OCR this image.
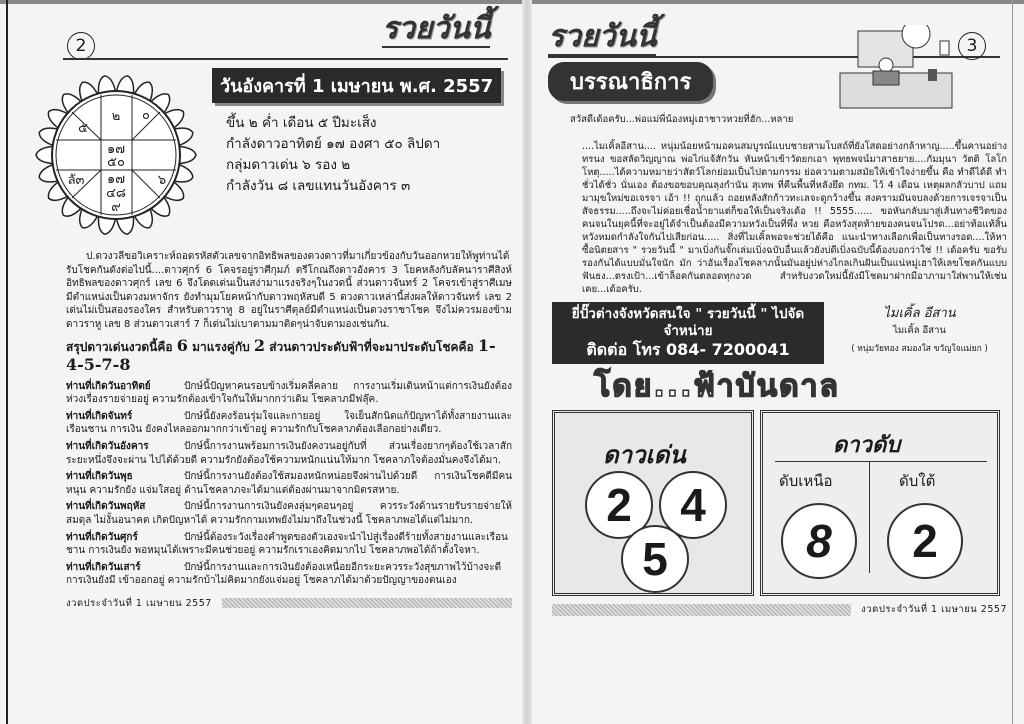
2	รวยวันนี้
๒ ๐
๕
๑๗
๕๐
ลั๓ ๑๗
๔๘
๙
๖
วันอังคารที่ 1 เมษายน พ.ศ. 2557
ขึ้น ๒ ค่ำ เดือน ๕ ปีมะเส็ง
กำลังดาวอาทิตย์ ๑๗ องศา ๕๐ ลิปดา
กลุ่มดาวเด่น ๖ รอง ๒
กำลังวัน ๘ เลขแทนวันอังคาร ๓
ป.ดวงวลีขอวิเคราะห์ถอดรหัสตัวเลขจากอิทธิพลของดวงดาวที่มาเกี่ยวข้องกับวันออกหวยให้พูท่านได้รับโชคกันดังต่อไปนี้....ดาวศุกร์ 6 โคจรอยู่ราศีกุมภ์ ตรีโกณถึงดาวอังคาร 3 โยคหลังกับลัคนาราศีสิงห์ อิทธิพลของดาวศุกร์ เลข 6 จึงโดดเด่นเป็นสง่ามาแรงจริงๆในงวดนี้ ส่วนดาวจันทร์ 2 โคจรเข้าสู่ราศีเมษ มีตำแหน่งเป็นดวงมหาจักร ยังทำมุมโยคหน้ากับดาวพฤหัสบดี 5 ดวงดาวเหล่านี้ส่งผลให้ดาวจันทร์ เลข 2 เด่นไม่เป็นสองรองใคร สำหรับดาวราหู 8 อยู่ในราศีตุลย์มีตำแหน่งเป็นดวงราชาโชค จึงไม่ควรมองข้ามดาวราหู เลข 8 ส่วนดาวเสาร์ 7 ก็เด่นไม่เบาตามมาติดๆน่าจับตามองเช่นกัน.
สรุปดาวเด่นงวดนี้คือ 6 มาแรงคู่กับ 2 ส่วนดาวประดับฟ้าที่จะมาประดับโชคคือ 1-4-5-7-8
ท่านที่เกิดวันอาทิตย์	ปักษ์นี้ปัญหาคนรอบข้างเริ่มคลี่คลาย การงานเริ่มเดินหน้าแต่การเงินยังต้องห่วงเรื่องรายจ่ายอยู่ ความรักต้องเข้าใจกันให้มากกว่าเดิม โชคลาภมีฟลุ๊ค.
ท่านที่เกิดจันทร์	ปักษ์นี้ยังคงร้อนรุ่มใจและกายอยู่ ใจเย็นสักนิดแก้ปัญหาได้ทั้งสายงานและเรือนชาน การเงิน ยังคงไหลออกมากกว่าเข้าอยู่ ความรักกับโชคลาภต้องเลือกอย่างเดียว.
ท่านที่เกิดวันอังคาร	ปักษ์นี้การงานพร้อมการเงินยังคงวนอยู่กับที่ ส่วนเรื่องยากๆต้องใช้เวลาสักระยะหนึ่งจึงจะผ่าน ไปได้ด้วยดี ความรักยังต้องใช้ความหนักแน่นให้มาก โชคลาภใจต้องมั่นคงจึงได้มา.
ท่านที่เกิดวันพุธ	ปักษ์นี้การงานยังต้องใช้สมองหนักหน่อยจึงผ่านไปด้วยดี การเงินโชคดีมีคนหนุน ความรักยัง แจ่มใสอยู่ ด้านโชคลาภจะได้มาแต่ต้องผ่านมาจากมิตรสหาย.
ท่านที่เกิดวันพฤหัส	ปักษ์นี้การงานการเงินยังคงลุ่มๆดอนๆอยู่ ควรระวังด้านรายรับรายจ่ายให้สมดุล ไม่งั้นอนาคต เกิดปัญหาได้ ความรักกามเทพยังไม่มาถึงในช่วงนี้ โชคลาภพอได้แต่ไม่มาก.
ท่านที่เกิดวันศุกร์	ปักษ์นี้ต้องระวังเรื่องคำพูดของตัวเองจะนำไปสู่เรื่องดีร้ายทั้งสายงานและเรือนชาน การเงินยัง พอหมุนได้เพราะมีคนช่วยอยู่ ความรักเราเองคิดมากไป โชคลาภพอได้ถ้าตั้งใจหา.
ท่านที่เกิดวันเสาร์	ปักษ์นี้การงานและการเงินยังต้องเหนื่อยอีกระยะควรระวังสุขภาพไว้บ้างจะดี การเงินยังมี เข้าออกอยู่ ความรักบ้าไม่คิดมากยังแจ่มอยู่ โชคลาภได้มาด้วยปัญญาของตนเอง
งวดประจำวันที่ 1 เมษายน 2557
รวยวันนี้
บรรณาธิการ
3
สวัสดีเด้อครับ...พ่อแม่พี่น้องหมู่เฮาชาวหวยที่ฮัก...หลาย
....ไมเคิ้ลอีสาน.... หนุ่มน้อยหน้ามอคนสมบูรณ์แบบชายสามโบสถ์ที่ยังโสดอย่างกล้าหาญ.....ขึ้นคานอย่างทรนง ขอสลัดวิญญาณ พ่อไก่แจ้สักวัน หันหน้าเข้าวัดยกเอา พุทธพจน์มาสาธยาย....กัมมุนา วัตติ โลโก โหตุ.....ได้ความหมายว่าสัตว์โลกย่อมเป็นไปตามกรรม ย่อความตามสมัยให้เข้าใจง่ายขึ้น คือ ทำดีได้ดี ทำชั่วได้ชั่ว นั่นเอง ต้องขอขอบคุณลุงกำนัน สุเทพ ที่คืนพื้นที่หลังยึด กทม. ไว้ 4 เดือน เหตุผลกลัวบาป แถมมามุขใหม่ขอเจรจา เอ้า !! ถูกแล้ว ถอยหลังสักก้าวทะเลจะดูกว้างขึ้น สงครามมันจบลงด้วยการเจรจาเป็นสัจธรรม.....ถึงจะไม่ค่อยเชื่อน้ำยาแต่ก็ขอให้เป็นจริงเด้อ !! 5555...... ขอหันกลับมาสู่เส้นทางชีวิตของคนจนในยุคนี้ที่จะอยู่ได้จำเป็นต้องมีความหวังเป็นที่พึ่ง หวย คือหวังสุดท้ายของคนจนโปรด...อย่าท้อแท้สิ้นหวังหมดกำลังใจกันไปเสียก่อน..... สิ่งที่ไมเคิ้ลพอจะช่วยได้คือ แนะนำทางเลือกเพื่อเป็นทางรอด....ให้หาซื้อนิตยสาร " รวยวันนี้ " มาเบิ่งกันจั๊กเล่มเบิ่งฉบับอื่นแล้วยังบ่ดีเบิ่งฉบับนี้ต้องบอกว่าใช่ !! เด้อครับ ขอรับรองกันได้แบบมั่นใจนัก มัก ว่าอันเรื่องโชคลาภนั้นมันอยู่บ่ห่างไกลเกินฝันเป็นแน่หมู่เฮาให้เลขโชคกันแบบฟันธง...ตรงเป้า...เข้าล็อคกันตลอดทุกงวด สำหรับงวดใหม่นี้ยังมีโชคมาฝากมีอาภามาใส่พานให้เช่นเคย...เด้อครับ.
ยี่ปั๊วต่างจังหวัดสนใจ " รวยวันนี้ " ไปจัดจำหน่าย
ติดต่อ โทร 084- 7200041
ไมเคิ้ล อีสาน
ไมเคิ้ล อีสาน
( หนุ่มวัยทอง สมองใส ขวัญใจแม่ยก )
โดย...ฟ้าบันดาล
ดาวเด่น
2	4
5
ดาวดับ
ดับเหนือ	ดับใต้
8	2
งวดประจำวันที่ 1 เมษายน 2557
